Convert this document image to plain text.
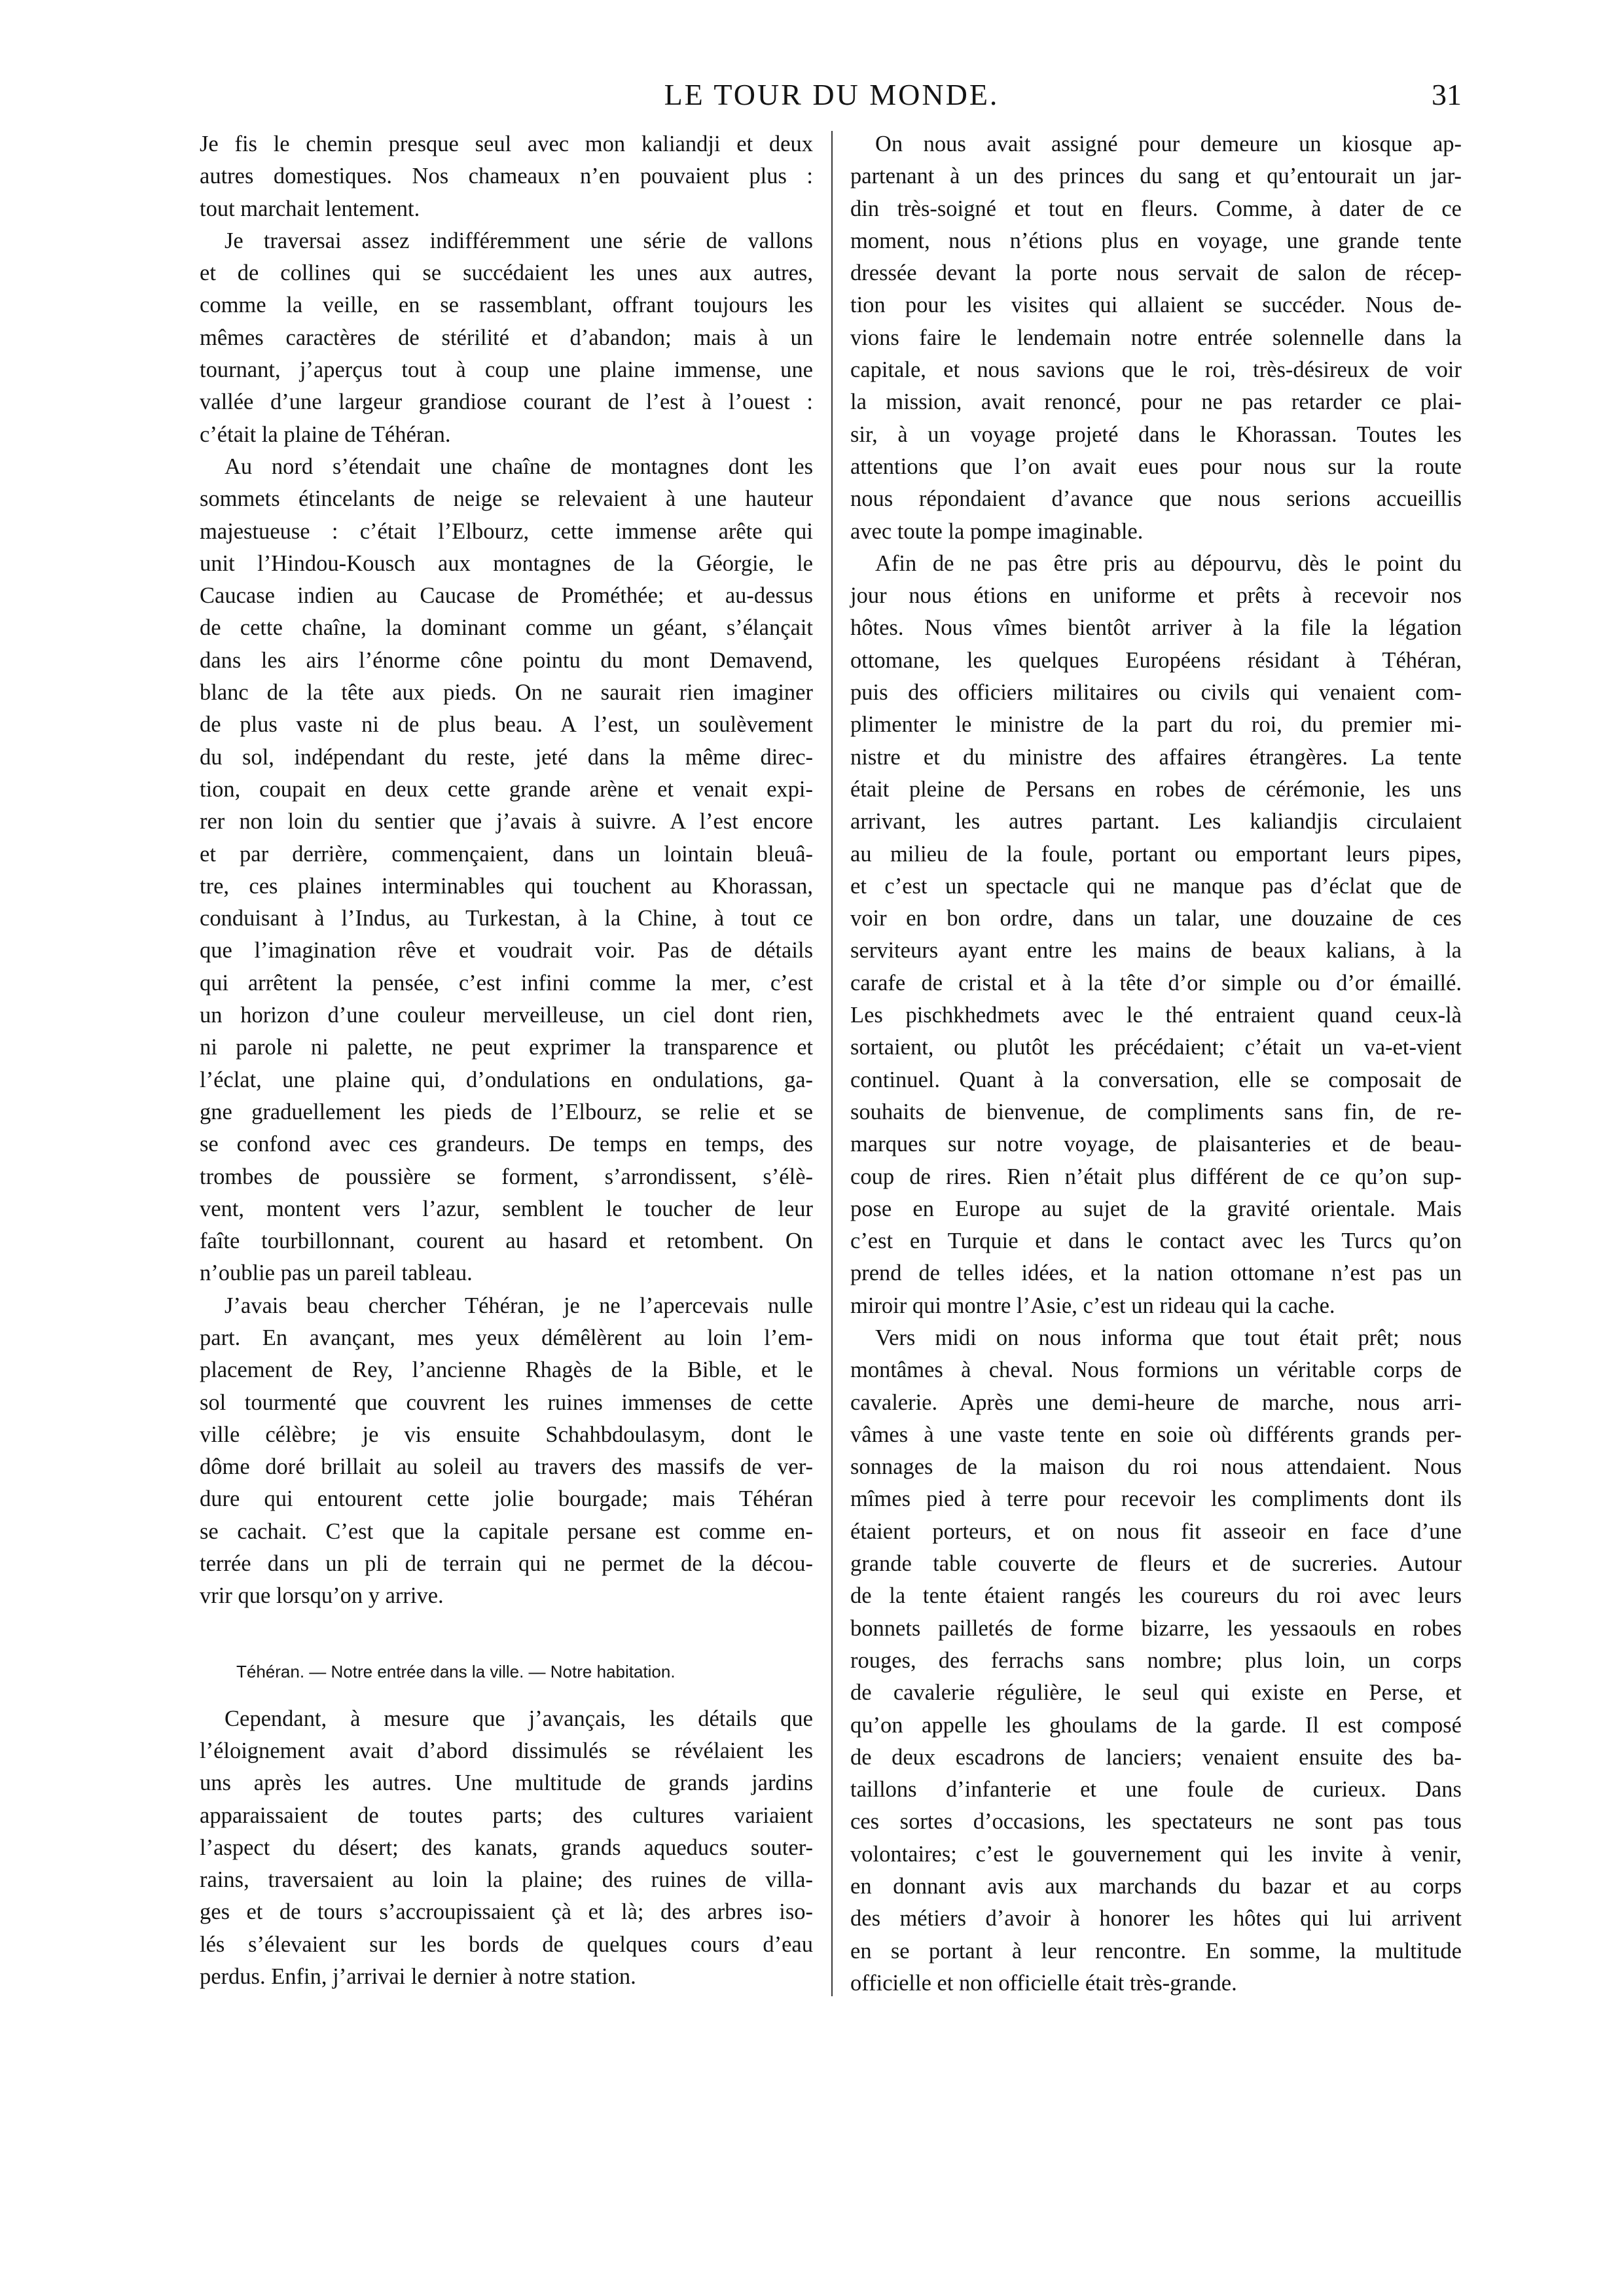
LE TOUR DU MONDE.	31
Je fis le chemin presque seul avec mon kaliandji et deux
autres domestiques. Nos chameaux n’en pouvaient plus :
tout marchait lentement.
Je traversai assez indifféremment une série de vallons
et de collines qui se succédaient les unes aux autres,
comme la veille, en se rassemblant, offrant toujours les
mêmes caractères de stérilité et d’abandon; mais à un
tournant, j’aperçus tout à coup une plaine immense, une
vallée d’une largeur grandiose courant de l’est à l’ouest :
c’était la plaine de Téhéran.
Au nord s’étendait une chaîne de montagnes dont les
sommets étincelants de neige se relevaient à une hauteur
majestueuse : c’était l’Elbourz, cette immense arête qui
unit l’Hindou-Kousch aux montagnes de la Géorgie, le
Caucase indien au Caucase de Prométhée; et au-dessus
de cette chaîne, la dominant comme un géant, s’élançait
dans les airs l’énorme cône pointu du mont Demavend,
blanc de la tête aux pieds. On ne saurait rien imaginer
de plus vaste ni de plus beau. A l’est, un soulèvement
du sol, indépendant du reste, jeté dans la même direc-
tion, coupait en deux cette grande arène et venait expi-
rer non loin du sentier que j’avais à suivre. A l’est encore
et par derrière, commençaient, dans un lointain bleuâ-
tre, ces plaines interminables qui touchent au Khorassan,
conduisant à l’Indus, au Turkestan, à la Chine, à tout ce
que l’imagination rêve et voudrait voir. Pas de détails
qui arrêtent la pensée, c’est infini comme la mer, c’est
un horizon d’une couleur merveilleuse, un ciel dont rien,
ni parole ni palette, ne peut exprimer la transparence et
l’éclat, une plaine qui, d’ondulations en ondulations, ga-
gne graduellement les pieds de l’Elbourz, se relie et se
se confond avec ces grandeurs. De temps en temps, des
trombes de poussière se forment, s’arrondissent, s’élè-
vent, montent vers l’azur, semblent le toucher de leur
faîte tourbillonnant, courent au hasard et retombent. On
n’oublie pas un pareil tableau.
J’avais beau chercher Téhéran, je ne l’apercevais nulle
part. En avançant, mes yeux démêlèrent au loin l’em-
placement de Rey, l’ancienne Rhagès de la Bible, et le
sol tourmenté que couvrent les ruines immenses de cette
ville célèbre; je vis ensuite Schahbdoulasym, dont le
dôme doré brillait au soleil au travers des massifs de ver-
dure qui entourent cette jolie bourgade; mais Téhéran
se cachait. C’est que la capitale persane est comme en-
terrée dans un pli de terrain qui ne permet de la décou-
vrir que lorsqu’on y arrive.
Téhéran. — Notre entrée dans la ville. — Notre habitation.
Cependant, à mesure que j’avançais, les détails que
l’éloignement avait d’abord dissimulés se révélaient les
uns après les autres. Une multitude de grands jardins
apparaissaient de toutes parts; des cultures variaient
l’aspect du désert; des kanats, grands aqueducs souter-
rains, traversaient au loin la plaine; des ruines de villa-
ges et de tours s’accroupissaient çà et là; des arbres iso-
lés s’élevaient sur les bords de quelques cours d’eau
perdus. Enfin, j’arrivai le dernier à notre station.
On nous avait assigné pour demeure un kiosque ap-
partenant à un des princes du sang et qu’entourait un jar-
din très-soigné et tout en fleurs. Comme, à dater de ce
moment, nous n’étions plus en voyage, une grande tente
dressée devant la porte nous servait de salon de récep-
tion pour les visites qui allaient se succéder. Nous de-
vions faire le lendemain notre entrée solennelle dans la
capitale, et nous savions que le roi, très-désireux de voir
la mission, avait renoncé, pour ne pas retarder ce plai-
sir, à un voyage projeté dans le Khorassan. Toutes les
attentions que l’on avait eues pour nous sur la route
nous répondaient d’avance que nous serions accueillis
avec toute la pompe imaginable.
Afin de ne pas être pris au dépourvu, dès le point du
jour nous étions en uniforme et prêts à recevoir nos
hôtes. Nous vîmes bientôt arriver à la file la légation
ottomane, les quelques Européens résidant à Téhéran,
puis des officiers militaires ou civils qui venaient com-
plimenter le ministre de la part du roi, du premier mi-
nistre et du ministre des affaires étrangères. La tente
était pleine de Persans en robes de cérémonie, les uns
arrivant, les autres partant. Les kaliandjis circulaient
au milieu de la foule, portant ou emportant leurs pipes,
et c’est un spectacle qui ne manque pas d’éclat que de
voir en bon ordre, dans un talar, une douzaine de ces
serviteurs ayant entre les mains de beaux kalians, à la
carafe de cristal et à la tête d’or simple ou d’or émaillé.
Les pischkhedmets avec le thé entraient quand ceux-là
sortaient, ou plutôt les précédaient; c’était un va-et-vient
continuel. Quant à la conversation, elle se composait de
souhaits de bienvenue, de compliments sans fin, de re-
marques sur notre voyage, de plaisanteries et de beau-
coup de rires. Rien n’était plus différent de ce qu’on sup-
pose en Europe au sujet de la gravité orientale. Mais
c’est en Turquie et dans le contact avec les Turcs qu’on
prend de telles idées, et la nation ottomane n’est pas un
miroir qui montre l’Asie, c’est un rideau qui la cache.
Vers midi on nous informa que tout était prêt; nous
montâmes à cheval. Nous formions un véritable corps de
cavalerie. Après une demi-heure de marche, nous arri-
vâmes à une vaste tente en soie où différents grands per-
sonnages de la maison du roi nous attendaient. Nous
mîmes pied à terre pour recevoir les compliments dont ils
étaient porteurs, et on nous fit asseoir en face d’une
grande table couverte de fleurs et de sucreries. Autour
de la tente étaient rangés les coureurs du roi avec leurs
bonnets pailletés de forme bizarre, les yessaouls en robes
rouges, des ferrachs sans nombre; plus loin, un corps
de cavalerie régulière, le seul qui existe en Perse, et
qu’on appelle les ghoulams de la garde. Il est composé
de deux escadrons de lanciers; venaient ensuite des ba-
taillons d’infanterie et une foule de curieux. Dans
ces sortes d’occasions, les spectateurs ne sont pas tous
volontaires; c’est le gouvernement qui les invite à venir,
en donnant avis aux marchands du bazar et au corps
des métiers d’avoir à honorer les hôtes qui lui arrivent
en se portant à leur rencontre. En somme, la multitude
officielle et non officielle était très-grande.
